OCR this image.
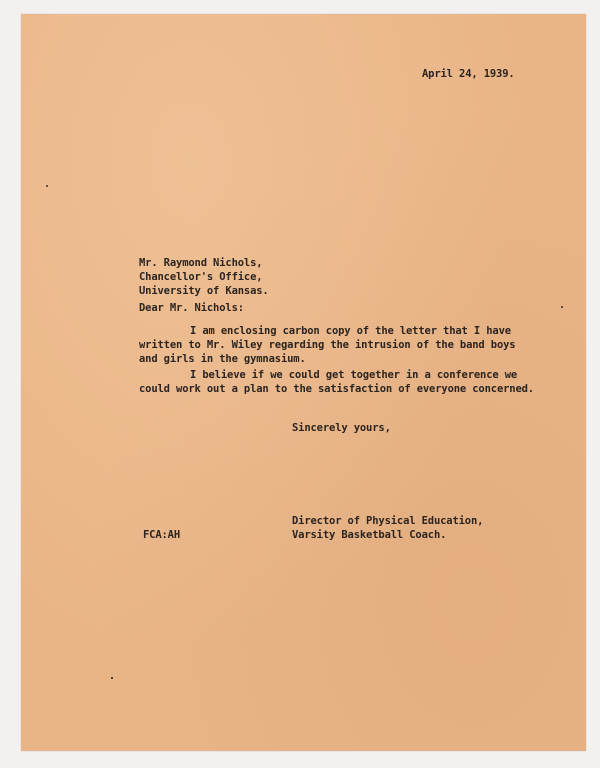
April 24, 1939.
Mr. Raymond Nichols,
Chancellor's Office,
University of Kansas.
Dear Mr. Nichols:
I am enclosing carbon copy of the letter that I have
written to Mr. Wiley regarding the intrusion of the band boys
and girls in the gymnasium.
I believe if we could get together in a conference we
could work out a plan to the satisfaction of everyone concerned.
Sincerely yours,
Director of Physical Education,
Varsity Basketball Coach.
FCA:AH
